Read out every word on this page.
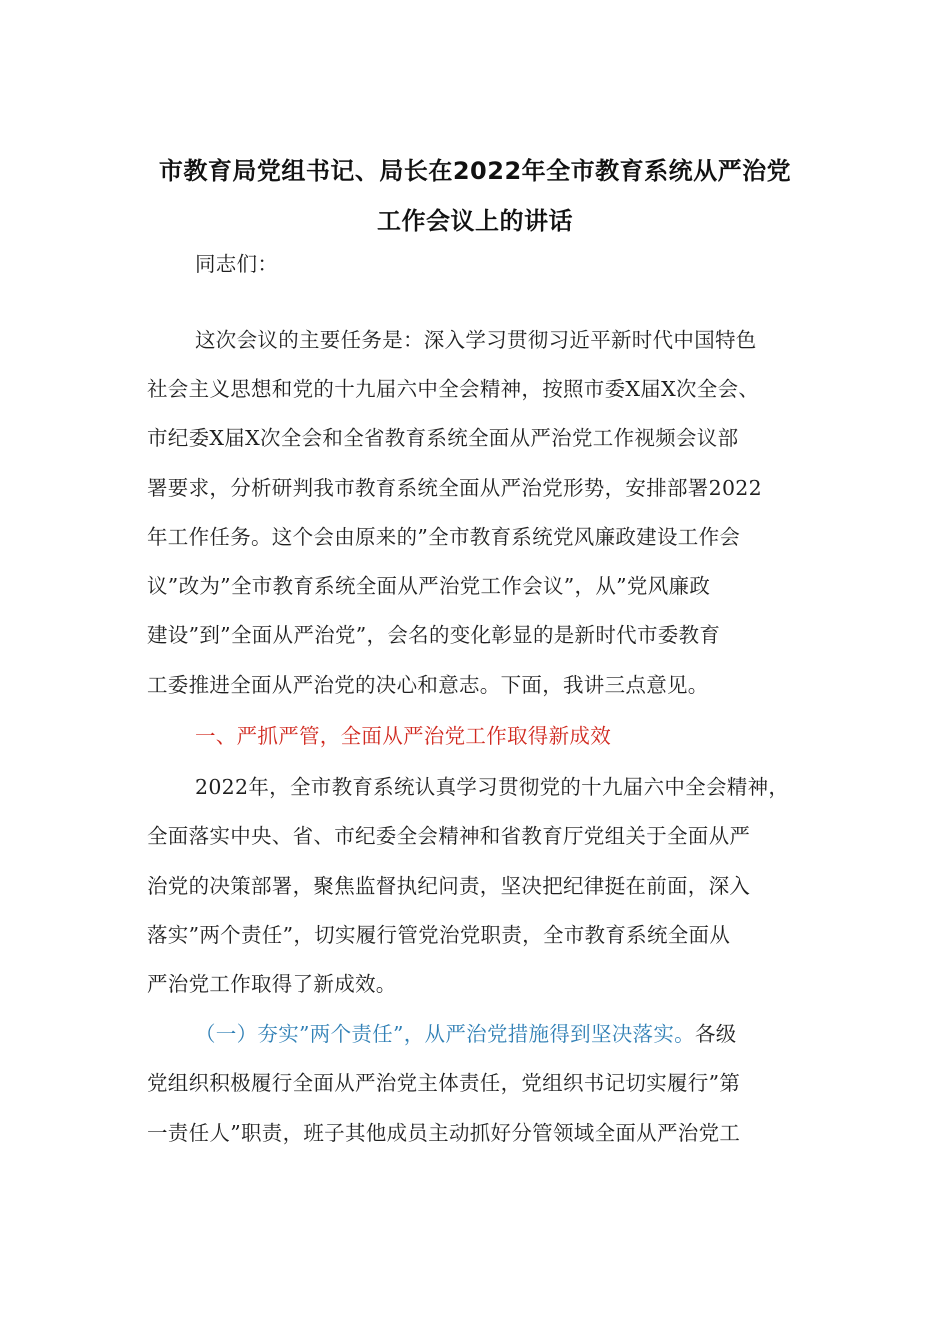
市教育局党组书记、局长在2022年全市教育系统从严治党
工作会议上的讲话
同志们：
这次会议的主要任务是：深入学习贯彻习近平新时代中国特色
社会主义思想和党的十九届六中全会精神，按照市委X届X次全会、
市纪委X届X次全会和全省教育系统全面从严治党工作视频会议部
署要求，分析研判我市教育系统全面从严治党形势，安排部署2022
年工作任务。这个会由原来的”全市教育系统党风廉政建设工作会
议”改为”全市教育系统全面从严治党工作会议”，从”党风廉政
建设”到”全面从严治党”，会名的变化彰显的是新时代市委教育
工委推进全面从严治党的决心和意志。下面，我讲三点意见。
一、严抓严管，全面从严治党工作取得新成效
2022年，全市教育系统认真学习贯彻党的十九届六中全会精神，
全面落实中央、省、市纪委全会精神和省教育厅党组关于全面从严
治党的决策部署，聚焦监督执纪问责，坚决把纪律挺在前面，深入
落实”两个责任”，切实履行管党治党职责，全市教育系统全面从
严治党工作取得了新成效。
（一）夯实”两个责任”，从严治党措施得到坚决落实。各级
党组织积极履行全面从严治党主体责任，党组织书记切实履行”第
一责任人”职责，班子其他成员主动抓好分管领域全面从严治党工
